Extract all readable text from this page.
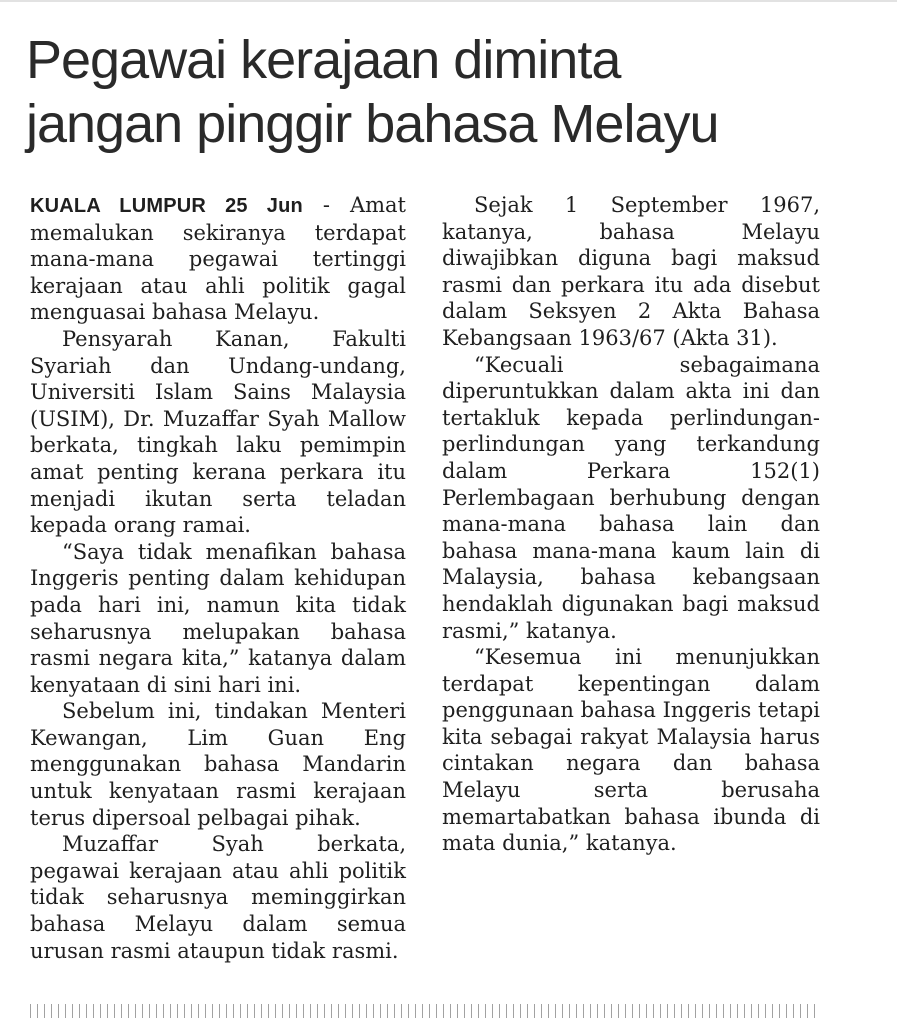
Pegawai kerajaan diminta
jangan pinggir bahasa Melayu

KUALA LUMPUR 25 Jun - Amat memalukan sekiranya terdapat mana-mana pegawai tertinggi kerajaan atau ahli politik gagal menguasai bahasa Melayu.

Pensyarah Kanan, Fakulti Syariah dan Undang-undang, Universiti Islam Sains Malaysia (USIM), Dr. Muzaffar Syah Mallow berkata, tingkah laku pemimpin amat penting kerana perkara itu menjadi ikutan serta teladan kepada orang ramai.

“Saya tidak menafikan bahasa Inggeris penting dalam kehidupan pada hari ini, namun kita tidak seharusnya melupakan bahasa rasmi negara kita,” katanya dalam kenyataan di sini hari ini.

Sebelum ini, tindakan Menteri Kewangan, Lim Guan Eng menggunakan bahasa Mandarin untuk kenyataan rasmi kerajaan terus dipersoal pelbagai pihak.

Muzaffar Syah berkata, pegawai kerajaan atau ahli politik tidak seharusnya meminggirkan bahasa Melayu dalam semua urusan rasmi ataupun tidak rasmi.

Sejak 1 September 1967, katanya, bahasa Melayu diwajibkan diguna bagi maksud rasmi dan perkara itu ada disebut dalam Seksyen 2 Akta Bahasa Kebangsaan 1963/67 (Akta 31).

“Kecuali sebagaimana diperuntukkan dalam akta ini dan tertakluk kepada perlindungan-perlindungan yang terkandung dalam Perkara 152(1) Perlembagaan berhubung dengan mana-mana bahasa lain dan bahasa mana-mana kaum lain di Malaysia, bahasa kebangsaan hendaklah digunakan bagi maksud rasmi,” katanya.

“Kesemua ini menunjukkan terdapat kepentingan dalam penggunaan bahasa Inggeris tetapi kita sebagai rakyat Malaysia harus cintakan negara dan bahasa Melayu serta berusaha memartabatkan bahasa ibunda di mata dunia,” katanya.
